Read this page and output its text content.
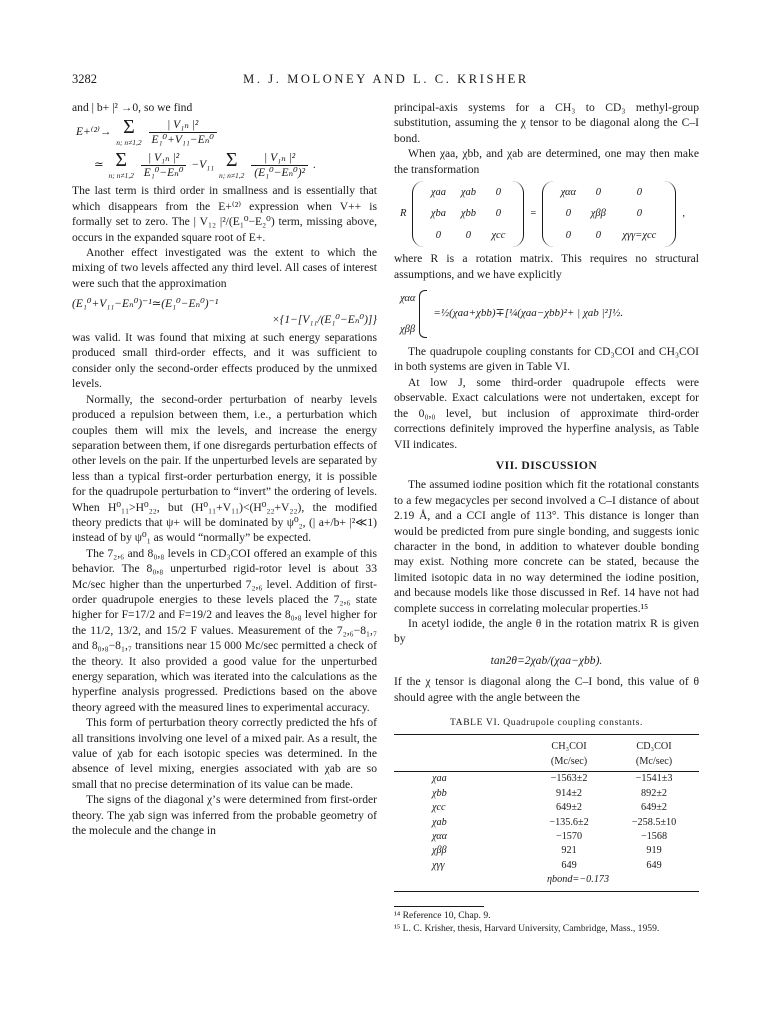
3282	M. J. MOLONEY AND L. C. KRISHER

and | b+ |² →0, so we find

E+⁽²⁾→ Σ
n; n≠1,2
$\frac{\text{| V₁ₙ |²}}{\text{E₁⁰+V₁₁−Eₙ⁰}}$
≃ Σ
n; n≠1,2
$\frac{\text{| V₁ₙ |²}}{\text{E₁⁰−Eₙ⁰}} -V_{11}$ Σ
n; n≠1,2
$\frac{\text{| V₁ₙ |²}}{\text{(E₁⁰−Eₙ⁰)²}}$ .

The last term is third order in smallness and is essentially that which disappears from the E+⁽²⁾ expression when V++ is formally set to zero. The | V₁₂ |²/(E₁⁰−E₂⁰) term, missing above, occurs in the expanded square root of E+.

Another effect investigated was the extent to which the mixing of two levels affected any third level. All cases of interest were such that the approximation

(E₁⁰+V₁₁−Eₙ⁰)⁻¹≃(E₁⁰−Eₙ⁰)⁻¹
×{1−[V₁₁/(E₁⁰−Eₙ⁰)]}

was valid. It was found that mixing at such energy separations produced small third-order effects, and it was sufficient to consider only the second-order effects produced by the unmixed levels.

Normally, the second-order perturbation of nearby levels produced a repulsion between them, i.e., a perturbation which couples them will mix the levels, and increase the energy separation between them, if one disregards perturbation effects of other levels on the pair. If the unperturbed levels are separated by less than a typical first-order perturbation energy, it is possible for the quadrupole perturbation to “invert” the ordering of levels. When H⁰₁₁>H⁰₂₂, but (H⁰₁₁+V₁₁)<(H⁰₂₂+V₂₂), the modified theory predicts that ψ+ will be dominated by ψ⁰₂, (| a+/b+ |²≪1) instead of by ψ⁰₁ as would “normally” be expected.

The 7₂,₆ and 8₀,₈ levels in CD₃COI offered an example of this behavior. The 8₀,₈ unperturbed rigid-rotor level is about 33 Mc/sec higher than the unperturbed 7₂,₆ level. Addition of first-order quadrupole energies to these levels placed the 7₂,₆ state higher for F=17/2 and F=19/2 and leaves the 8₀,₈ level higher for the 11/2, 13/2, and 15/2 F values. Measurement of the 7₂,₆−8₁,₇ and 8₀,₈−8₁,₇ transitions near 15 000 Mc/sec permitted a check of the theory. It also provided a good value for the unperturbed energy separation, which was iterated into the calculations as the hyperfine analysis progressed. Predictions based on the above theory agreed with the measured lines to experimental accuracy.

This form of perturbation theory correctly predicted the hfs of all transitions involving one level of a mixed pair. As a result, the value of χab for each isotopic species was determined. In the absence of level mixing, energies associated with χab are so small that no precise determination of its value can be made.

The signs of the diagonal χ’s were determined from first-order theory. The χab sign was inferred from the probable geometry of the molecule and the change in

principal-axis systems for a CH₃ to CD₃ methyl-group substitution, assuming the χ tensor to be diagonal along the C–I bond.

When χaa, χbb, and χab are determined, one may then make the transformation

R
χaa	χab	0
χba	χbb	0
0	0	χcc
=
χαα	0	0
0	χββ	0
0	0	χγγ=χcc
,

where R is a rotation matrix. This requires no structural assumptions, and we have explicitly

χαα
χββ
=½(χaa+χbb)∓[¼(χaa−χbb)²+ | χab |²]½.

The quadrupole coupling constants for CD₃COI and CH₃COI in both systems are given in Table VI.

At low J, some third-order quadrupole effects were observable. Exact calculations were not undertaken, except for the 0₀,₀ level, but inclusion of approximate third-order corrections definitely improved the hyperfine analysis, as Table VII indicates.

VII. DISCUSSION

The assumed iodine position which fit the rotational constants to a few megacycles per second involved a C–I distance of about 2.19 Å, and a CCI angle of 113°. This distance is longer than would be predicted from pure single bonding, and suggests ionic character in the bond, in addition to whatever double bonding may exist. Nothing more concrete can be stated, because the limited isotopic data in no way determined the iodine position, and because models like those discussed in Ref. 14 have not had complete success in correlating molecular properties.¹⁵

In acetyl iodide, the angle θ in the rotation matrix R is given by

tan2θ=2χab/(χaa−χbb).

If the χ tensor is diagonal along the C–I bond, this value of θ should agree with the angle between the

TABLE VI. Quadrupole coupling constants.
	CH₃COI	CD₃COI
	(Mc/sec)	(Mc/sec)
χaa	−1563±2	−1541±3
χbb	914±2	892±2
χcc	649±2	649±2
χab	−135.6±2	−258.5±10
χαα	−1570	−1568
χββ	921	919
χγγ	649	649
	ηbond=−0.173	
¹⁴ Reference 10, Chap. 9.
¹⁵ L. C. Krisher, thesis, Harvard University, Cambridge, Mass., 1959.
